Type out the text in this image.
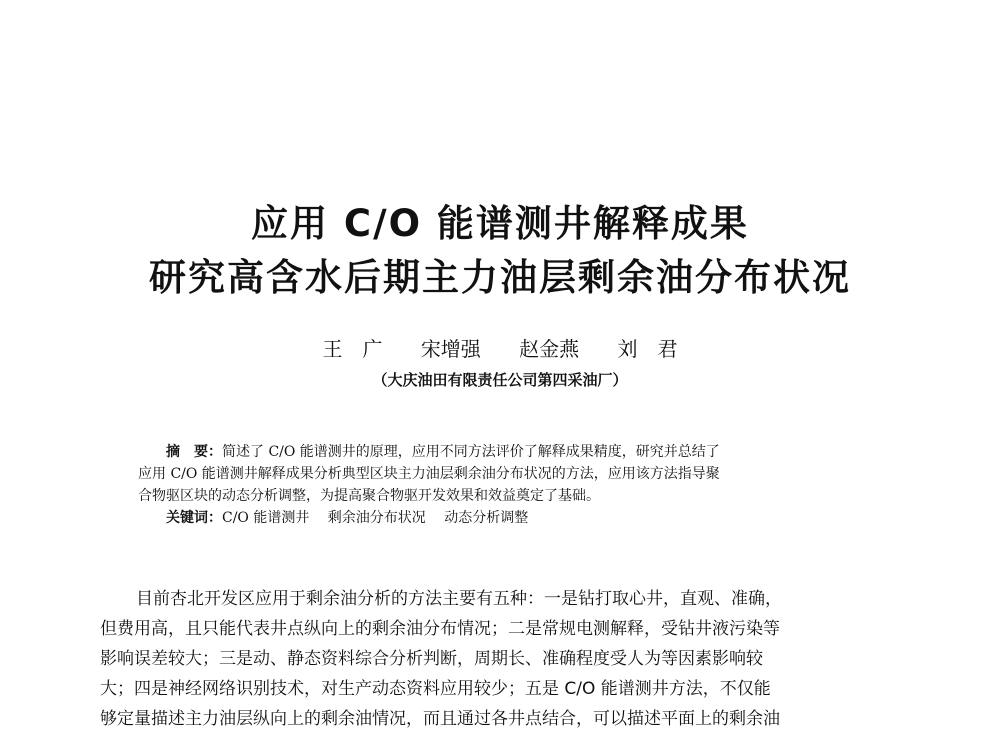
应用 C/O 能谱测井解释成果
研究高含水后期主力油层剩余油分布状况
王　广 宋增强 赵金燕 刘　君
（大庆油田有限责任公司第四采油厂）
摘　要：简述了 C/O 能谱测井的原理，应用不同方法评价了解释成果精度，研究并总结了
应用 C/O 能谱测井解释成果分析典型区块主力油层剩余油分布状况的方法，应用该方法指导聚
合物驱区块的动态分析调整，为提高聚合物驱开发效果和效益奠定了基础。
关键词：C/O 能谱测井　 剩余油分布状况　 动态分析调整
目前杏北开发区应用于剩余油分析的方法主要有五种：一是钻打取心井，直观、准确，
但费用高，且只能代表井点纵向上的剩余油分布情况；二是常规电测解释，受钻井液污染等
影响误差较大；三是动、静态资料综合分析判断，周期长、准确程度受人为等因素影响较
大；四是神经网络识别技术，对生产动态资料应用较少；五是 C/O 能谱测井方法，不仅能
够定量描述主力油层纵向上的剩余油情况，而且通过各井点结合，可以描述平面上的剩余油
